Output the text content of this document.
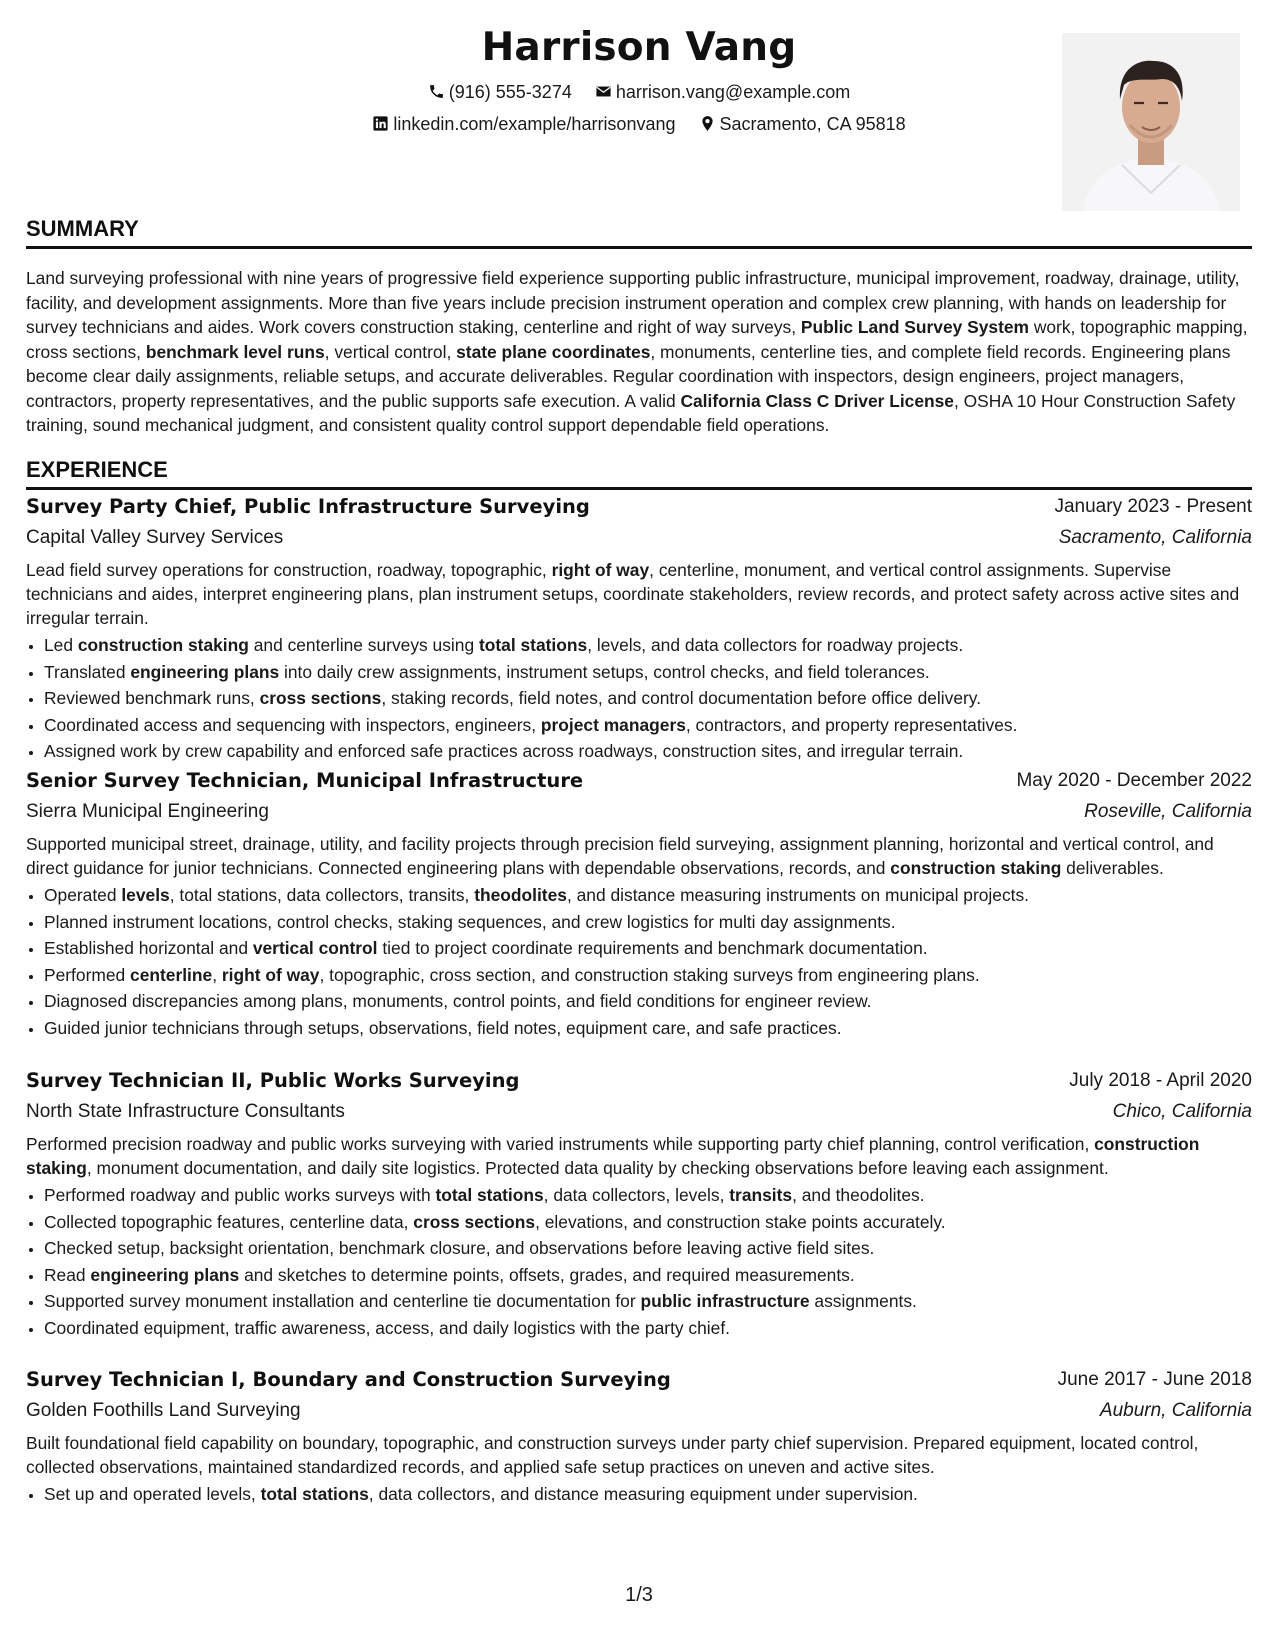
Harrison Vang
(916) 555-3274 harrison.vang@example.com
linkedin.com/example/harrisonvang Sacramento, CA 95818
SUMMARY
Land surveying professional with nine years of progressive field experience supporting public infrastructure, municipal improvement, roadway, drainage, utility, facility, and development assignments. More than five years include precision instrument operation and complex crew planning, with hands on leadership for survey technicians and aides. Work covers construction staking, centerline and right of way surveys, Public Land Survey System work, topographic mapping, cross sections, benchmark level runs, vertical control, state plane coordinates, monuments, centerline ties, and complete field records. Engineering plans become clear daily assignments, reliable setups, and accurate deliverables. Regular coordination with inspectors, design engineers, project managers, contractors, property representatives, and the public supports safe execution. A valid California Class C Driver License, OSHA 10 Hour Construction Safety training, sound mechanical judgment, and consistent quality control support dependable field operations.
EXPERIENCE
Survey Party Chief, Public Infrastructure Surveying	January 2023 - Present
Capital Valley Survey Services	Sacramento, California
Lead field survey operations for construction, roadway, topographic, right of way, centerline, monument, and vertical control assignments. Supervise technicians and aides, interpret engineering plans, plan instrument setups, coordinate stakeholders, review records, and protect safety across active sites and irregular terrain.
• Led construction staking and centerline surveys using total stations, levels, and data collectors for roadway projects.
• Translated engineering plans into daily crew assignments, instrument setups, control checks, and field tolerances.
• Reviewed benchmark runs, cross sections, staking records, field notes, and control documentation before office delivery.
• Coordinated access and sequencing with inspectors, engineers, project managers, contractors, and property representatives.
• Assigned work by crew capability and enforced safe practices across roadways, construction sites, and irregular terrain.
Senior Survey Technician, Municipal Infrastructure	May 2020 - December 2022
Sierra Municipal Engineering	Roseville, California
Supported municipal street, drainage, utility, and facility projects through precision field surveying, assignment planning, horizontal and vertical control, and direct guidance for junior technicians. Connected engineering plans with dependable observations, records, and construction staking deliverables.
• Operated levels, total stations, data collectors, transits, theodolites, and distance measuring instruments on municipal projects.
• Planned instrument locations, control checks, staking sequences, and crew logistics for multi day assignments.
• Established horizontal and vertical control tied to project coordinate requirements and benchmark documentation.
• Performed centerline, right of way, topographic, cross section, and construction staking surveys from engineering plans.
• Diagnosed discrepancies among plans, monuments, control points, and field conditions for engineer review.
• Guided junior technicians through setups, observations, field notes, equipment care, and safe practices.
Survey Technician II, Public Works Surveying	July 2018 - April 2020
North State Infrastructure Consultants	Chico, California
Performed precision roadway and public works surveying with varied instruments while supporting party chief planning, control verification, construction staking, monument documentation, and daily site logistics. Protected data quality by checking observations before leaving each assignment.
• Performed roadway and public works surveys with total stations, data collectors, levels, transits, and theodolites.
• Collected topographic features, centerline data, cross sections, elevations, and construction stake points accurately.
• Checked setup, backsight orientation, benchmark closure, and observations before leaving active field sites.
• Read engineering plans and sketches to determine points, offsets, grades, and required measurements.
• Supported survey monument installation and centerline tie documentation for public infrastructure assignments.
• Coordinated equipment, traffic awareness, access, and daily logistics with the party chief.
Survey Technician I, Boundary and Construction Surveying	June 2017 - June 2018
Golden Foothills Land Surveying	Auburn, California
Built foundational field capability on boundary, topographic, and construction surveys under party chief supervision. Prepared equipment, located control, collected observations, maintained standardized records, and applied safe setup practices on uneven and active sites.
• Set up and operated levels, total stations, data collectors, and distance measuring equipment under supervision.
1/3
